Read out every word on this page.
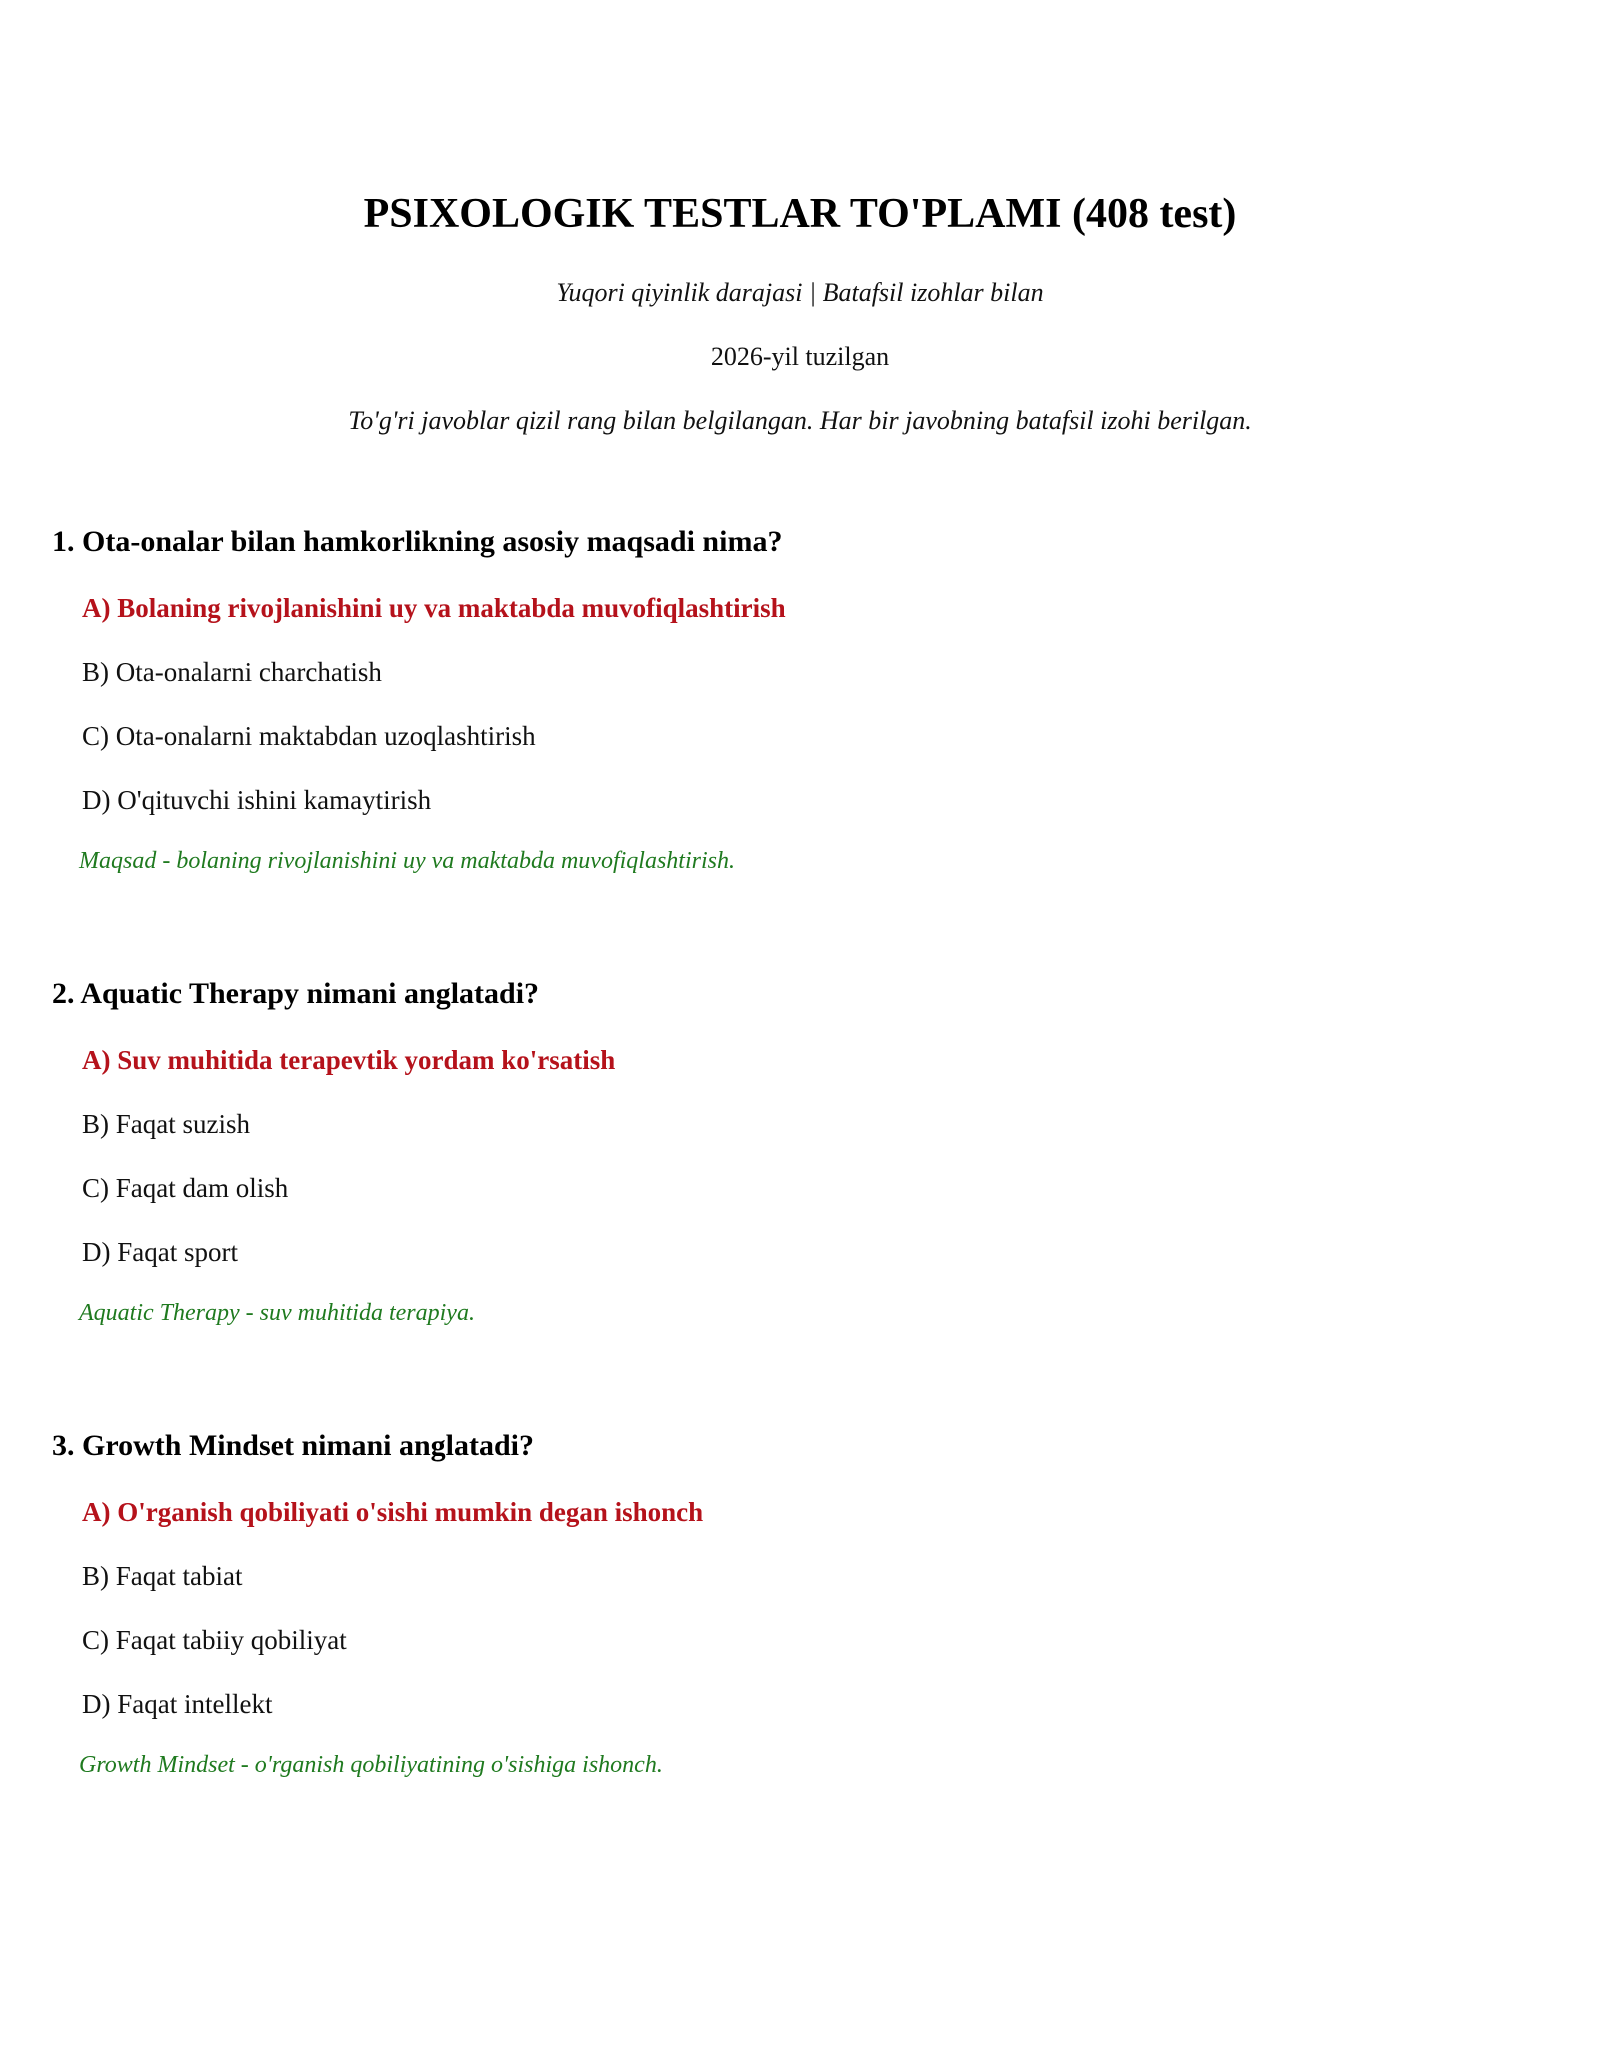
PSIXOLOGIK TESTLAR TO'PLAMI (408 test)
Yuqori qiyinlik darajasi | Batafsil izohlar bilan
2026-yil tuzilgan
To'g'ri javoblar qizil rang bilan belgilangan. Har bir javobning batafsil izohi berilgan.

1. Ota-onalar bilan hamkorlikning asosiy maqsadi nima?

A) Bolaning rivojlanishini uy va maktabda muvofiqlashtirish
B) Ota-onalarni charchatish
C) Ota-onalarni maktabdan uzoqlashtirish
D) O'qituvchi ishini kamaytirish
Maqsad - bolaning rivojlanishini uy va maktabda muvofiqlashtirish.

2. Aquatic Therapy nimani anglatadi?

A) Suv muhitida terapevtik yordam ko'rsatish
B) Faqat suzish
C) Faqat dam olish
D) Faqat sport
Aquatic Therapy - suv muhitida terapiya.

3. Growth Mindset nimani anglatadi?

A) O'rganish qobiliyati o'sishi mumkin degan ishonch
B) Faqat tabiat
C) Faqat tabiiy qobiliyat
D) Faqat intellekt
Growth Mindset - o'rganish qobiliyatining o'sishiga ishonch.
